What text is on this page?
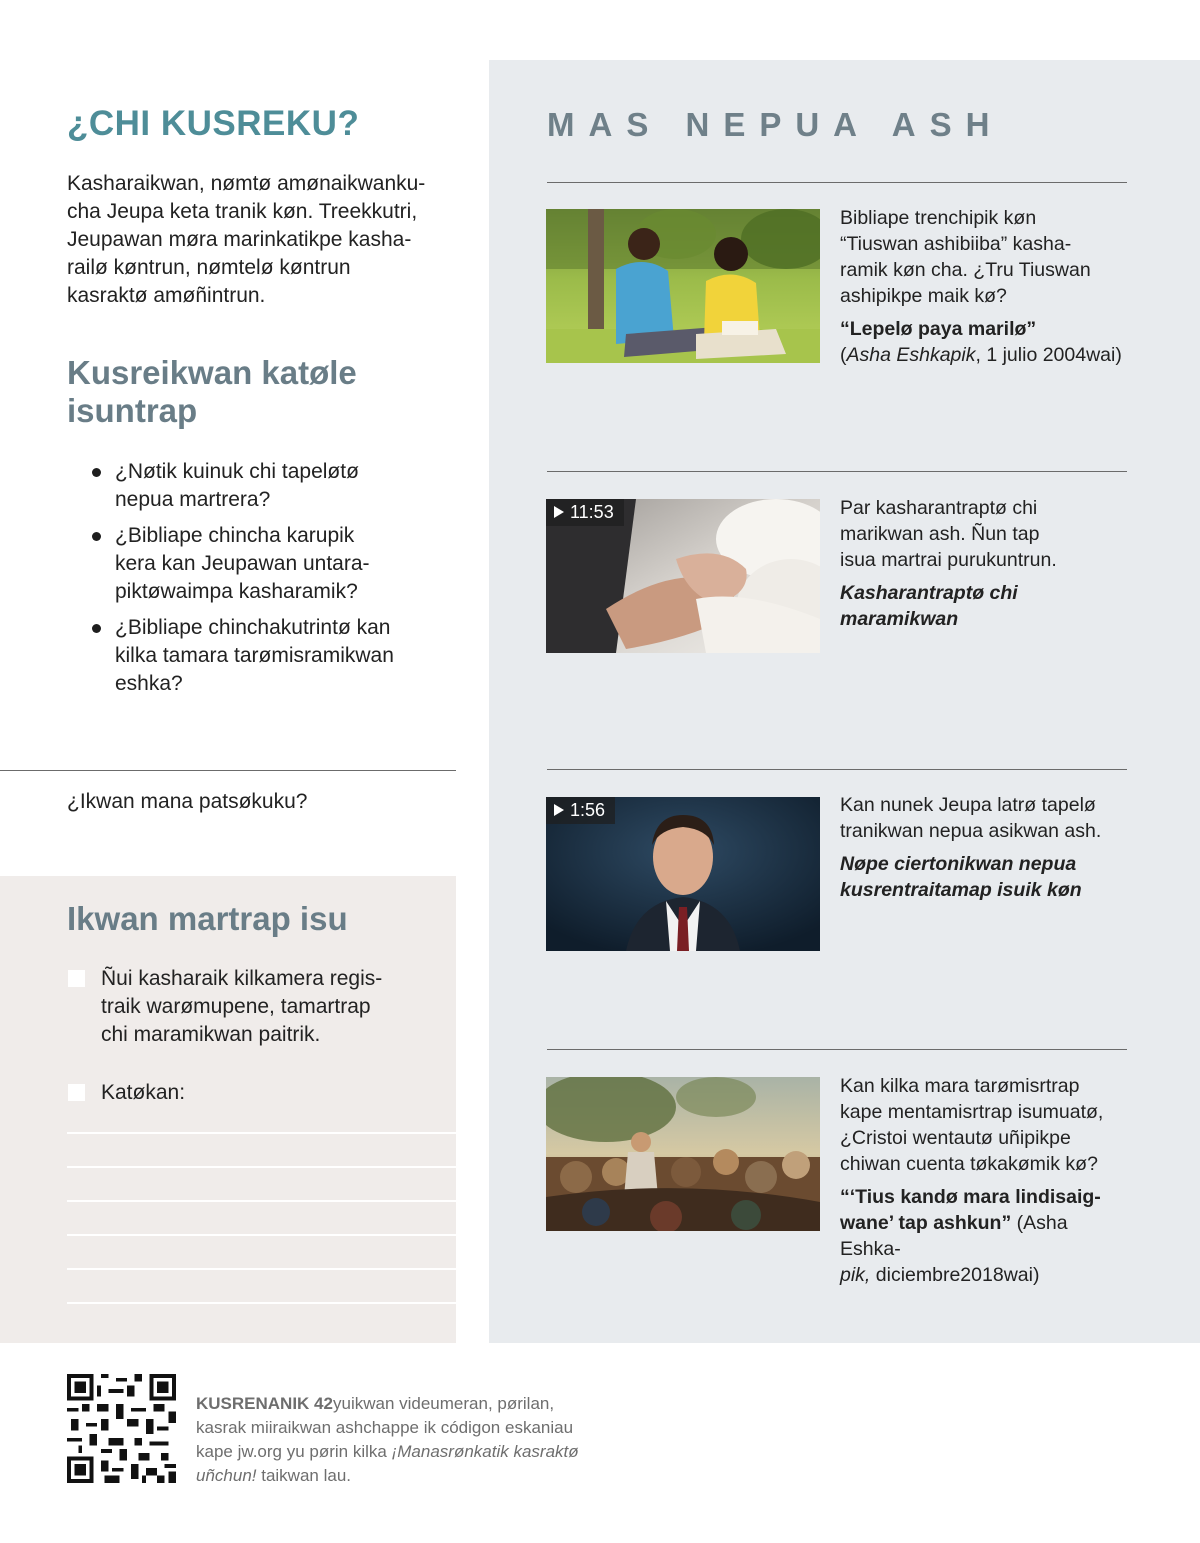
MAS NEPUA ASH

Bibliape trenchipik køn

“Tiuswan ashibiiba” kasha-

ramik køn cha. ¿Tru Tiuswan

ashipikpe maik kø?

“Lepelø paya marilø”

(Asha Eshkapik, 1 julio 2004wai)

11:53	Par kasharantraptø chi

marikwan ash. Ñun tap

isua martrai purukuntrun.

Kasharantraptø chi
maramikwan

1:56	Kan nunek Jeupa latrø tapelø

tranikwan nepua asikwan ash.

Nøpe ciertonikwan nepua
kusrentraitamap isuik køn

Kan kilka mara tarømisrtrap

kape mentamisrtrap isumuatø,

¿Cristoi wentautø uñipikpe

chiwan cuenta tøkakømik kø?

“‘Tius kandø mara lindisaig-
wane’ tap ashkun” (Asha Eshka-
pik, diciembre2018wai)

¿CHI KUSREKU?
Kasharaikwan, nømtø amønaikwanku-
cha Jeupa keta tranik køn. Treekkutri,
Jeupawan møra marinkatikpe kasha-
railø køntrun, nømtelø køntrun
kasraktø amøñintrun.
Kusreikwan katøle
isuntrap
¿Nøtik kuinuk chi tapeløtø
nepua martrera?
¿Bibliape chincha karupik
kera kan Jeupawan untara-
piktøwaimpa kasharamik?
¿Bibliape chinchakutrintø kan
kilka tamara tarømisramikwan
eshka?
¿Ikwan mana patsøkuku?
Ikwan martrap isu
Ñui kasharaik kilkamera regis-
traik warømupene, tamartrap
chi maramikwan paitrik.
Katøkan:
KUSRENANIK 42yuikwan videumeran, pørilan,
kasrak miiraikwan ashchappe ik códigon eskaniau
kape jw.org yu pørin kilka ¡Manasrønkatik kasraktø
uñchun! taikwan lau.
